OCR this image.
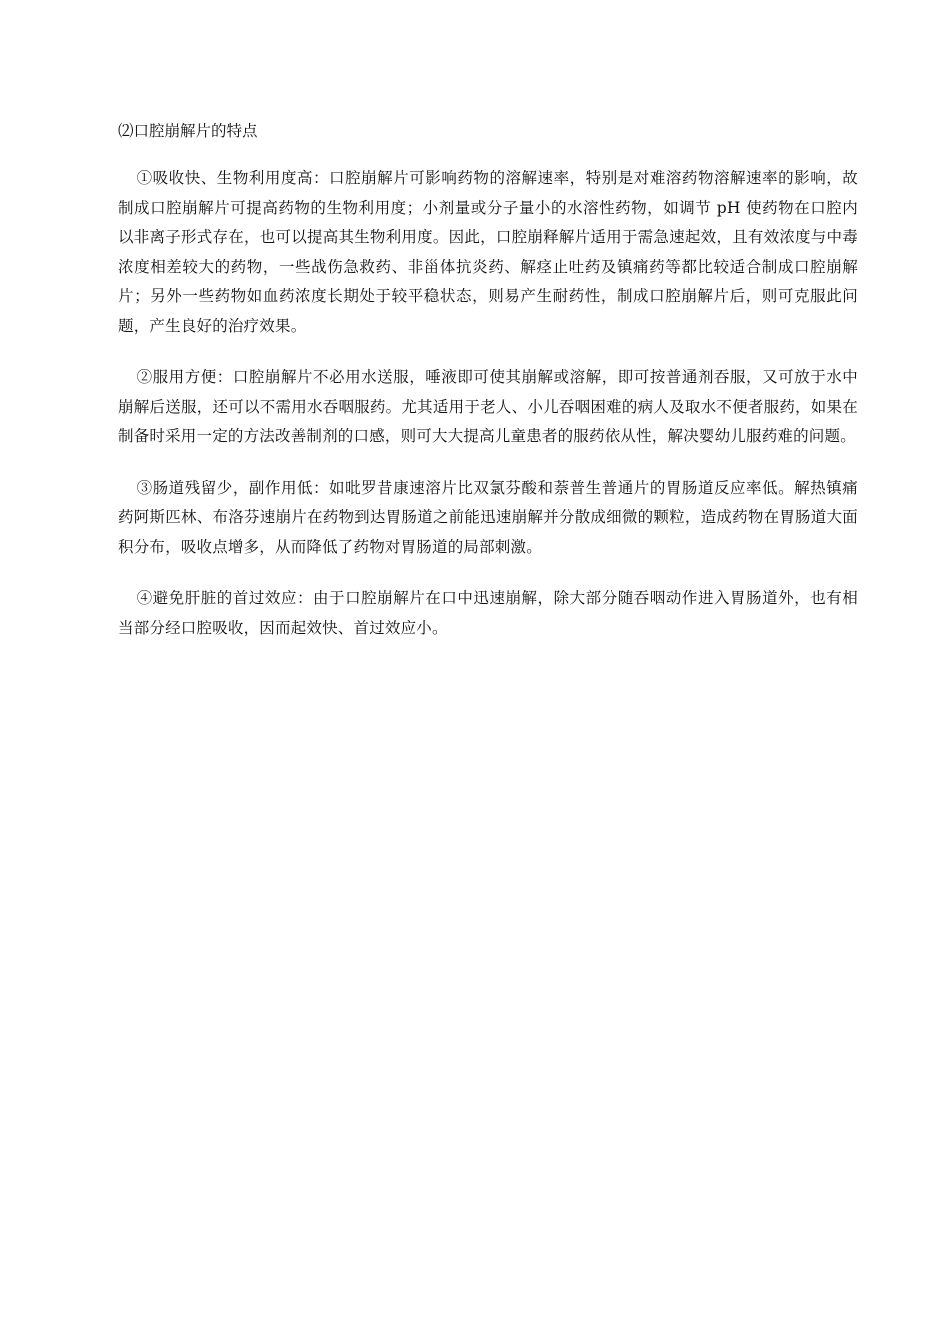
⑵口腔崩解片的特点

①吸收快、生物利用度高：口腔崩解片可影响药物的溶解速率，特别是对难溶药物溶解速率的影响，故制成口腔崩解片可提高药物的生物利用度；小剂量或分子量小的水溶性药物，如调节 pH 使药物在口腔内以非离子形式存在，也可以提高其生物利用度。因此，口腔崩释解片适用于需急速起效，且有效浓度与中毒浓度相差较大的药物，一些战伤急救药、非甾体抗炎药、解痉止吐药及镇痛药等都比较适合制成口腔崩解片；另外一些药物如血药浓度长期处于较平稳状态，则易产生耐药性，制成口腔崩解片后，则可克服此问题，产生良好的治疗效果。

②服用方便：口腔崩解片不必用水送服，唾液即可使其崩解或溶解，即可按普通剂吞服，又可放于水中崩解后送服，还可以不需用水吞咽服药。尤其适用于老人、小儿吞咽困难的病人及取水不便者服药，如果在制备时采用一定的方法改善制剂的口感，则可大大提高儿童患者的服药依从性，解决婴幼儿服药难的问题。

③肠道残留少，副作用低：如吡罗昔康速溶片比双氯芬酸和萘普生普通片的胃肠道反应率低。解热镇痛药阿斯匹林、布洛芬速崩片在药物到达胃肠道之前能迅速崩解并分散成细微的颗粒，造成药物在胃肠道大面积分布，吸收点增多，从而降低了药物对胃肠道的局部刺激。

④避免肝脏的首过效应：由于口腔崩解片在口中迅速崩解，除大部分随吞咽动作进入胃肠道外，也有相当部分经口腔吸收，因而起效快、首过效应小。
